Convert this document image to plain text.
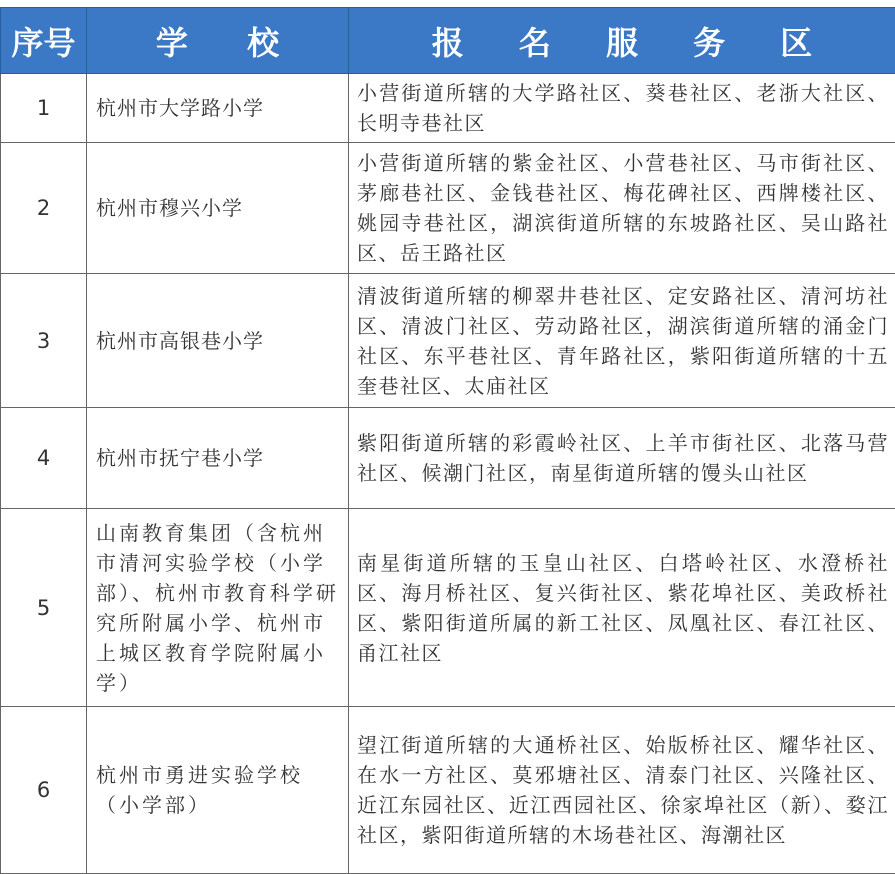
序号	学 校	报 名 服 务 区
1	杭州市大学路小学	小营街道所辖的大学路社区、葵巷社区、老浙大社区、长明寺巷社区
2	杭州市穆兴小学	小营街道所辖的紫金社区、小营巷社区、马市街社区、茅廊巷社区、金钱巷社区、梅花碑社区、西牌楼社区、姚园寺巷社区，湖滨街道所辖的东坡路社区、吴山路社区、岳王路社区
3	杭州市高银巷小学	清波街道所辖的柳翠井巷社区、定安路社区、清河坊社区、清波门社区、劳动路社区，湖滨街道所辖的涌金门社区、东平巷社区、青年路社区，紫阳街道所辖的十五奎巷社区、太庙社区
4	杭州市抚宁巷小学	紫阳街道所辖的彩霞岭社区、上羊市街社区、北落马营社区、候潮门社区，南星街道所辖的馒头山社区
5	山南教育集团（含杭州市清河实验学校（小学部）、杭州市教育科学研究所附属小学、杭州市上城区教育学院附属小学）	南星街道所辖的玉皇山社区、白塔岭社区、水澄桥社区、海月桥社区、复兴街社区、紫花埠社区、美政桥社区、紫阳街道所属的新工社区、凤凰社区、春江社区、甬江社区
6	杭州市勇进实验学校（小学部）	望江街道所辖的大通桥社区、始版桥社区、耀华社区、在水一方社区、莫邪塘社区、清泰门社区、兴隆社区、近江东园社区、近江西园社区、徐家埠社区（新）、婺江社区，紫阳街道所辖的木场巷社区、海潮社区
